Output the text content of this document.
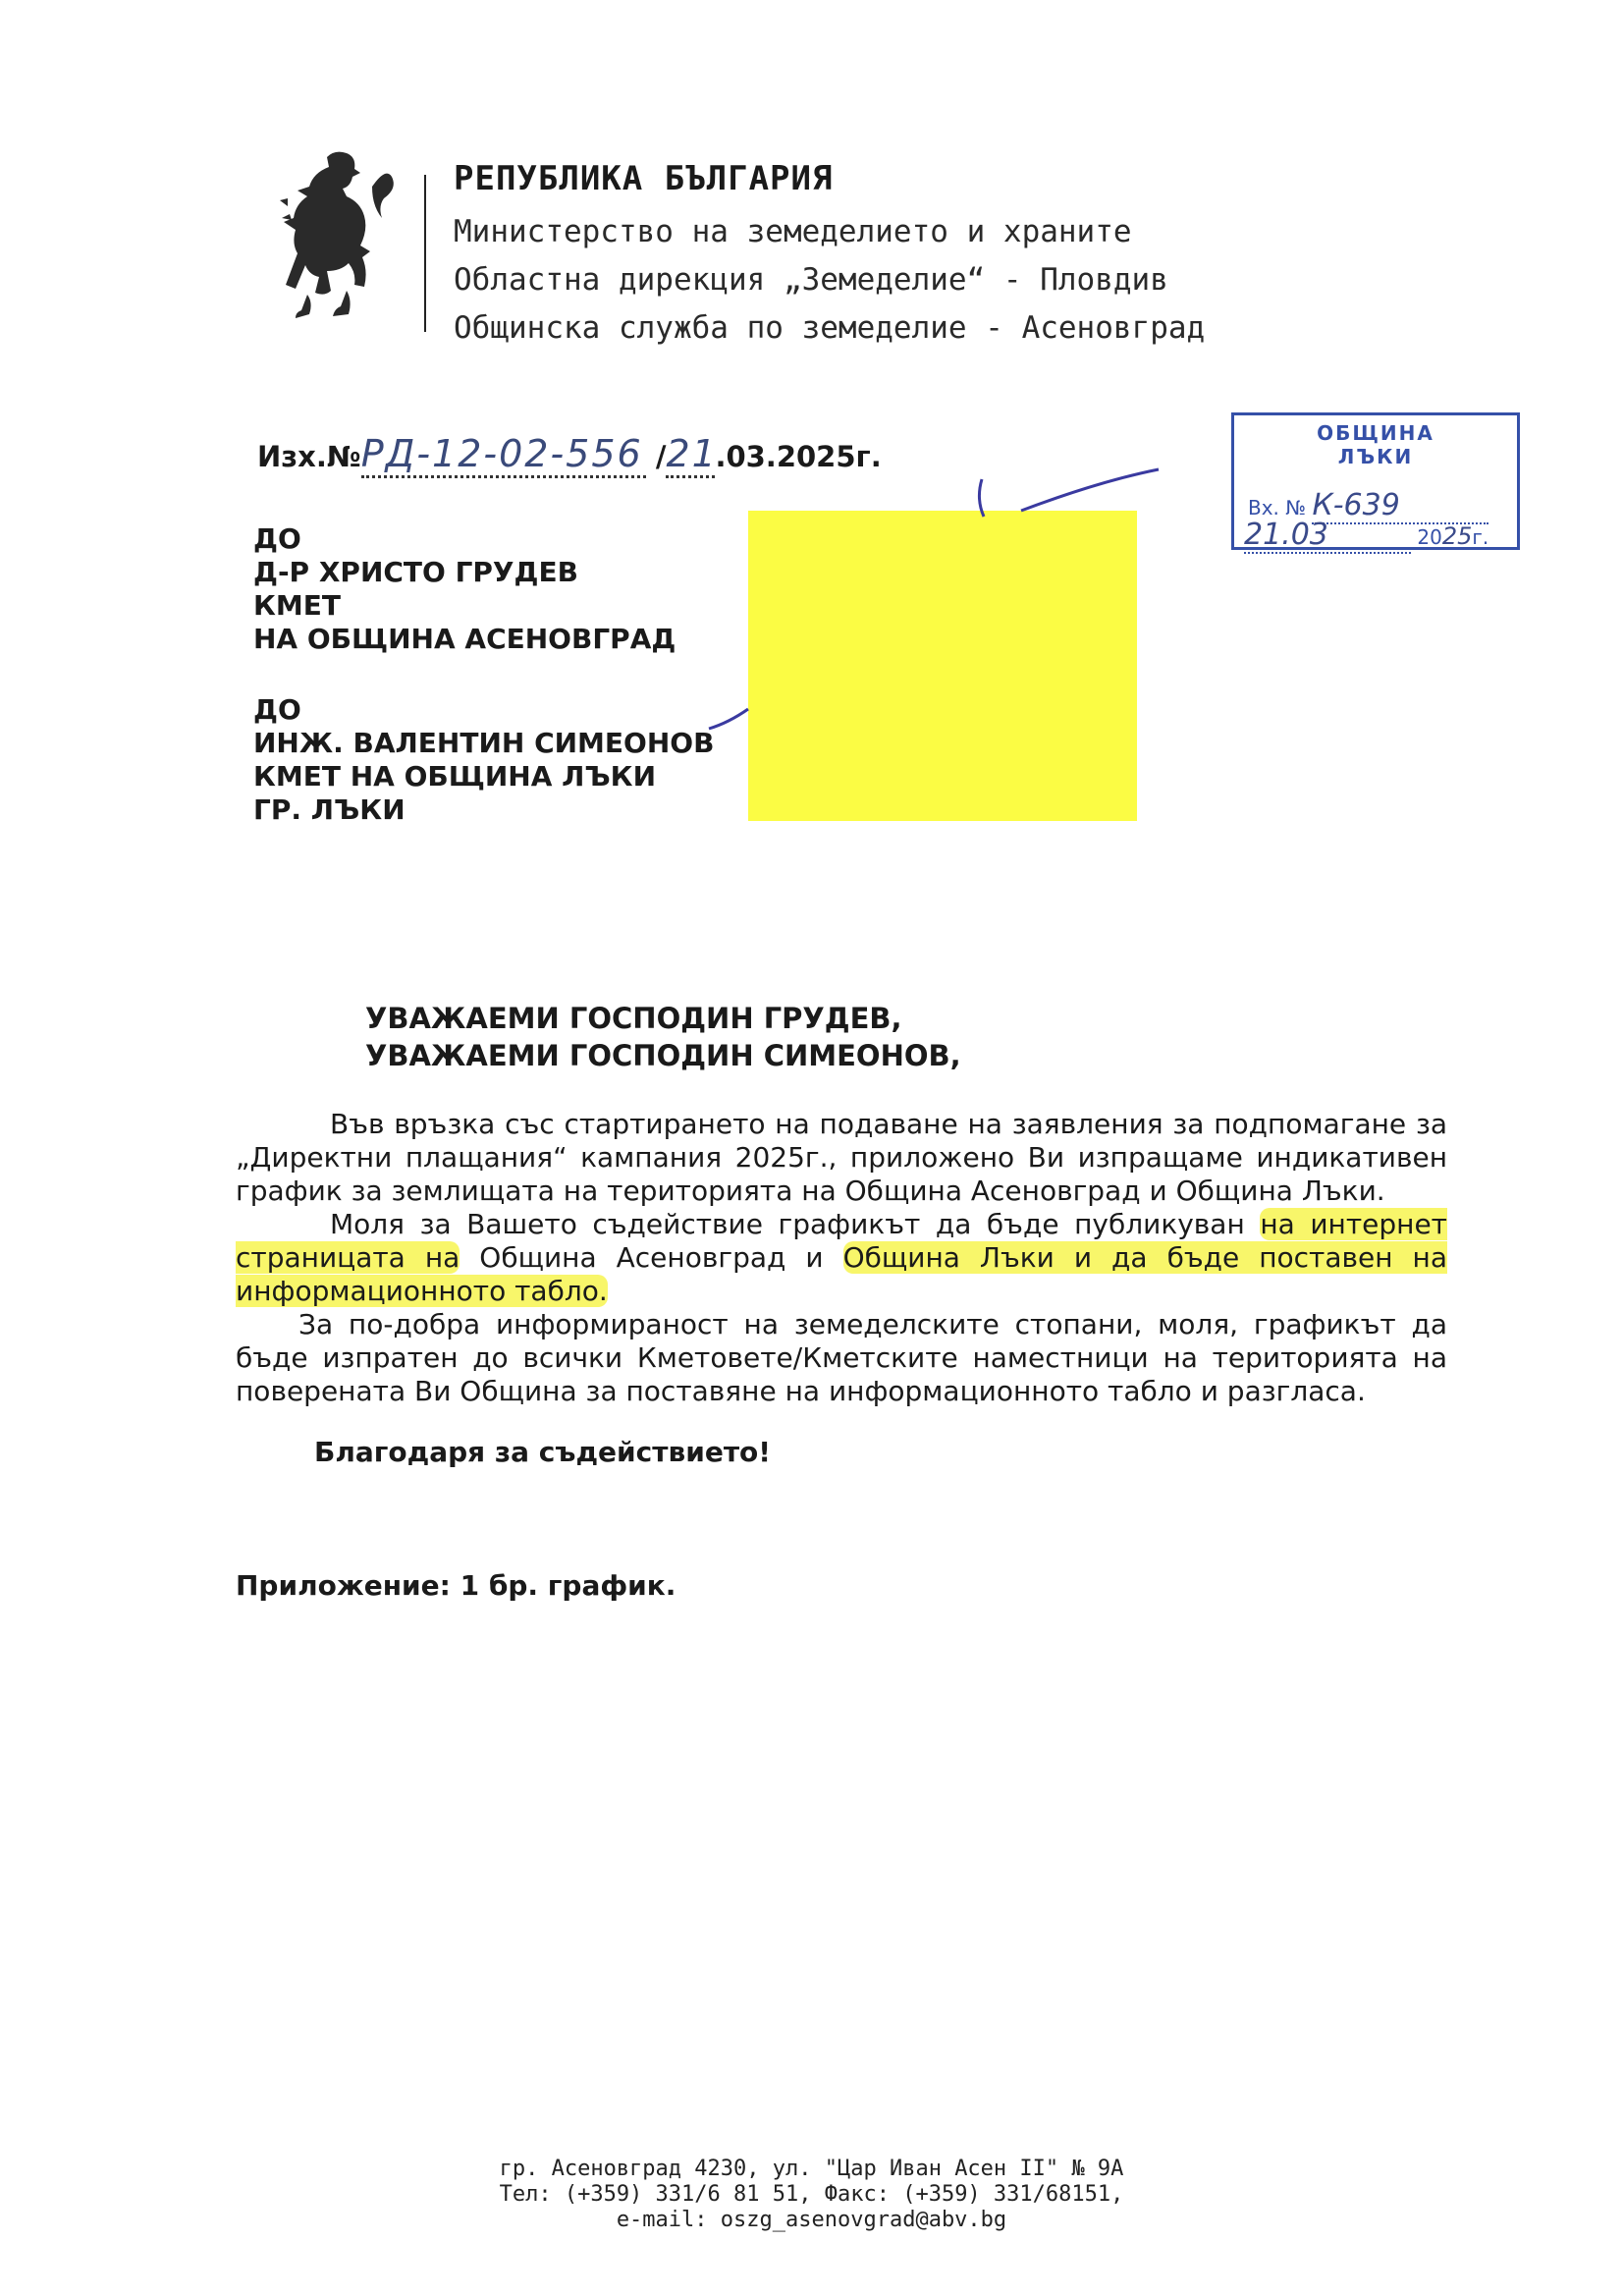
РЕПУБЛИКА БЪЛГАРИЯ
Министерство на земеделието и храните
Областна дирекция „Земеделие“ - Пловдив
Общинска служба по земеделие - Асеновград
Изх.№РД-12-02-556 /21.03.2025г.
ОБЩИНА
ЛЪКИ
Вх. № К-639
21.03	2025г.
ДО
Д-Р ХРИСТО ГРУДЕВ
КМЕТ
НА ОБЩИНА АСЕНОВГРАД
ДО
ИНЖ. ВАЛЕНТИН СИМЕОНОВ
КМЕТ НА ОБЩИНА ЛЪКИ
ГР. ЛЪКИ
УВАЖАЕМИ ГОСПОДИН ГРУДЕВ,
УВАЖАЕМИ ГОСПОДИН СИМЕОНОВ,

Във връзка със стартирането на подаване на заявления за подпомагане за „Директни плащания“ кампания 2025г., приложено Ви изпращаме индикативен график за землищата на територията на Община Асеновград и Община Лъки.

Моля за Вашето съдействие графикът да бъде публикуван на интернет страницата на Община Асеновград и Община Лъки и да бъде поставен на информационното табло.

За по-добра информираност на земеделските стопани, моля, графикът да бъде изпратен до всички Кметовете/Кметските наместници на територията на поверената Ви Община за поставяне на информационното табло и разгласа.

Благодаря за съдействието!
Приложение: 1 бр. график.
гр. Асеновград 4230, ул. "Цар Иван Асен II" № 9А
Тел: (+359) 331/6 81 51, Факс: (+359) 331/68151,
e-mail: oszg_asenovgrad@abv.bg
